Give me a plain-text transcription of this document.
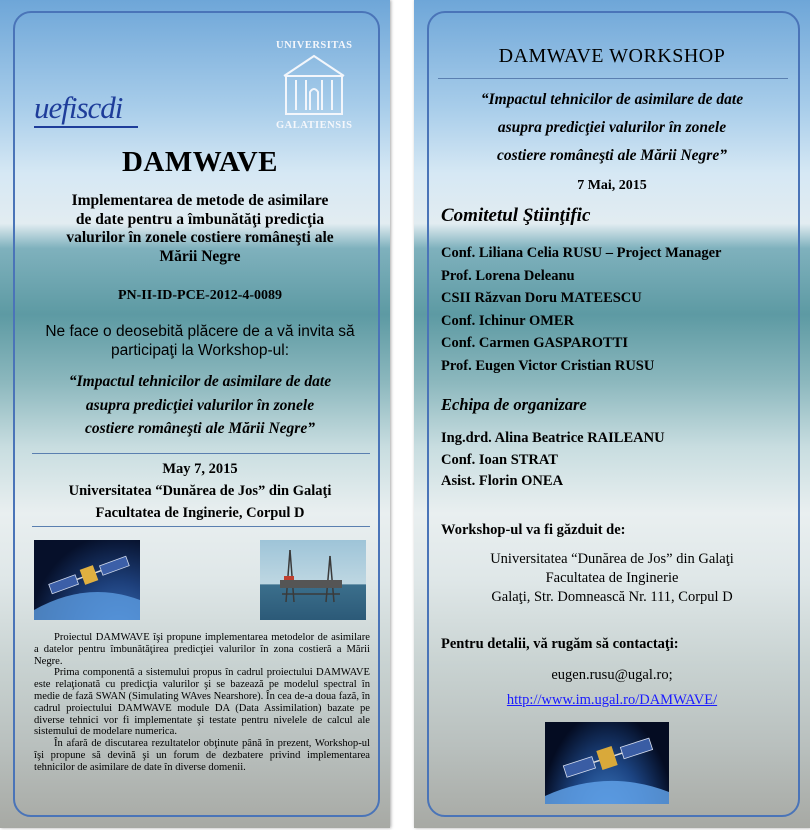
uefiscdi
UNIVERSITAS
GALATIENSIS
DAMWAVE
Implementarea de metode de asimilare
de date pentru a îmbunătăţi predicţia
valurilor în zonele costiere româneşti ale
Mării Negre
PN-II-ID-PCE-2012-4-0089
Ne face o deosebită plăcere de a vă invita să
participaţi la Workshop-ul:
“Impactul tehnicilor de asimilare de date
asupra predicţiei valurilor în zonele
costiere româneşti ale Mării Negre”
May 7, 2015
Universitatea “Dunărea de Jos” din Galaţi
Facultatea de Inginerie, Corpul D

Proiectul DAMWAVE îşi propune implementarea metodelor de asimilare a datelor pentru îmbunătăţirea predicţiei valurilor în zona costieră a Mării Negre.

Prima componentă a sistemului propus în cadrul proiectului DAMWAVE este relaţionată cu predicţia valurilor şi se bazează pe modelul spectral în medie de fază SWAN (Simulating WAves Nearshore). În cea de-a doua fază, în cadrul proiectului DAMWAVE module DA (Data Assimilation) bazate pe diverse tehnici vor fi implementate şi testate pentru nivelele de calcul ale sistemului de modelare numerica.

În afară de discutarea rezultatelor obţinute până în prezent, Workshop-ul îşi propune să devină şi un forum de dezbatere privind implementarea tehnicilor de asimilare de date în diverse domenii.

DAMWAVE WORKSHOP
“Impactul tehnicilor de asimilare de date
asupra predicţiei valurilor în zonele
costiere româneşti ale Mării Negre”
7 Mai, 2015
Comitetul Ştiinţific
Conf. Liliana Celia RUSU – Project Manager
Prof. Lorena Deleanu
CSII Răzvan Doru MATEESCU
Conf. Ichinur OMER
Conf. Carmen GASPAROTTI
Prof. Eugen Victor Cristian RUSU
Echipa de organizare
Ing.drd. Alina Beatrice RAILEANU
Conf. Ioan STRAT
Asist. Florin ONEA
Workshop-ul va fi găzduit de:
Universitatea “Dunărea de Jos” din Galaţi
Facultatea de Inginerie
Galaţi, Str. Domnească Nr. 111, Corpul D
Pentru detalii, vă rugăm să contactaţi:
eugen.rusu@ugal.ro;
http://www.im.ugal.ro/DAMWAVE/
